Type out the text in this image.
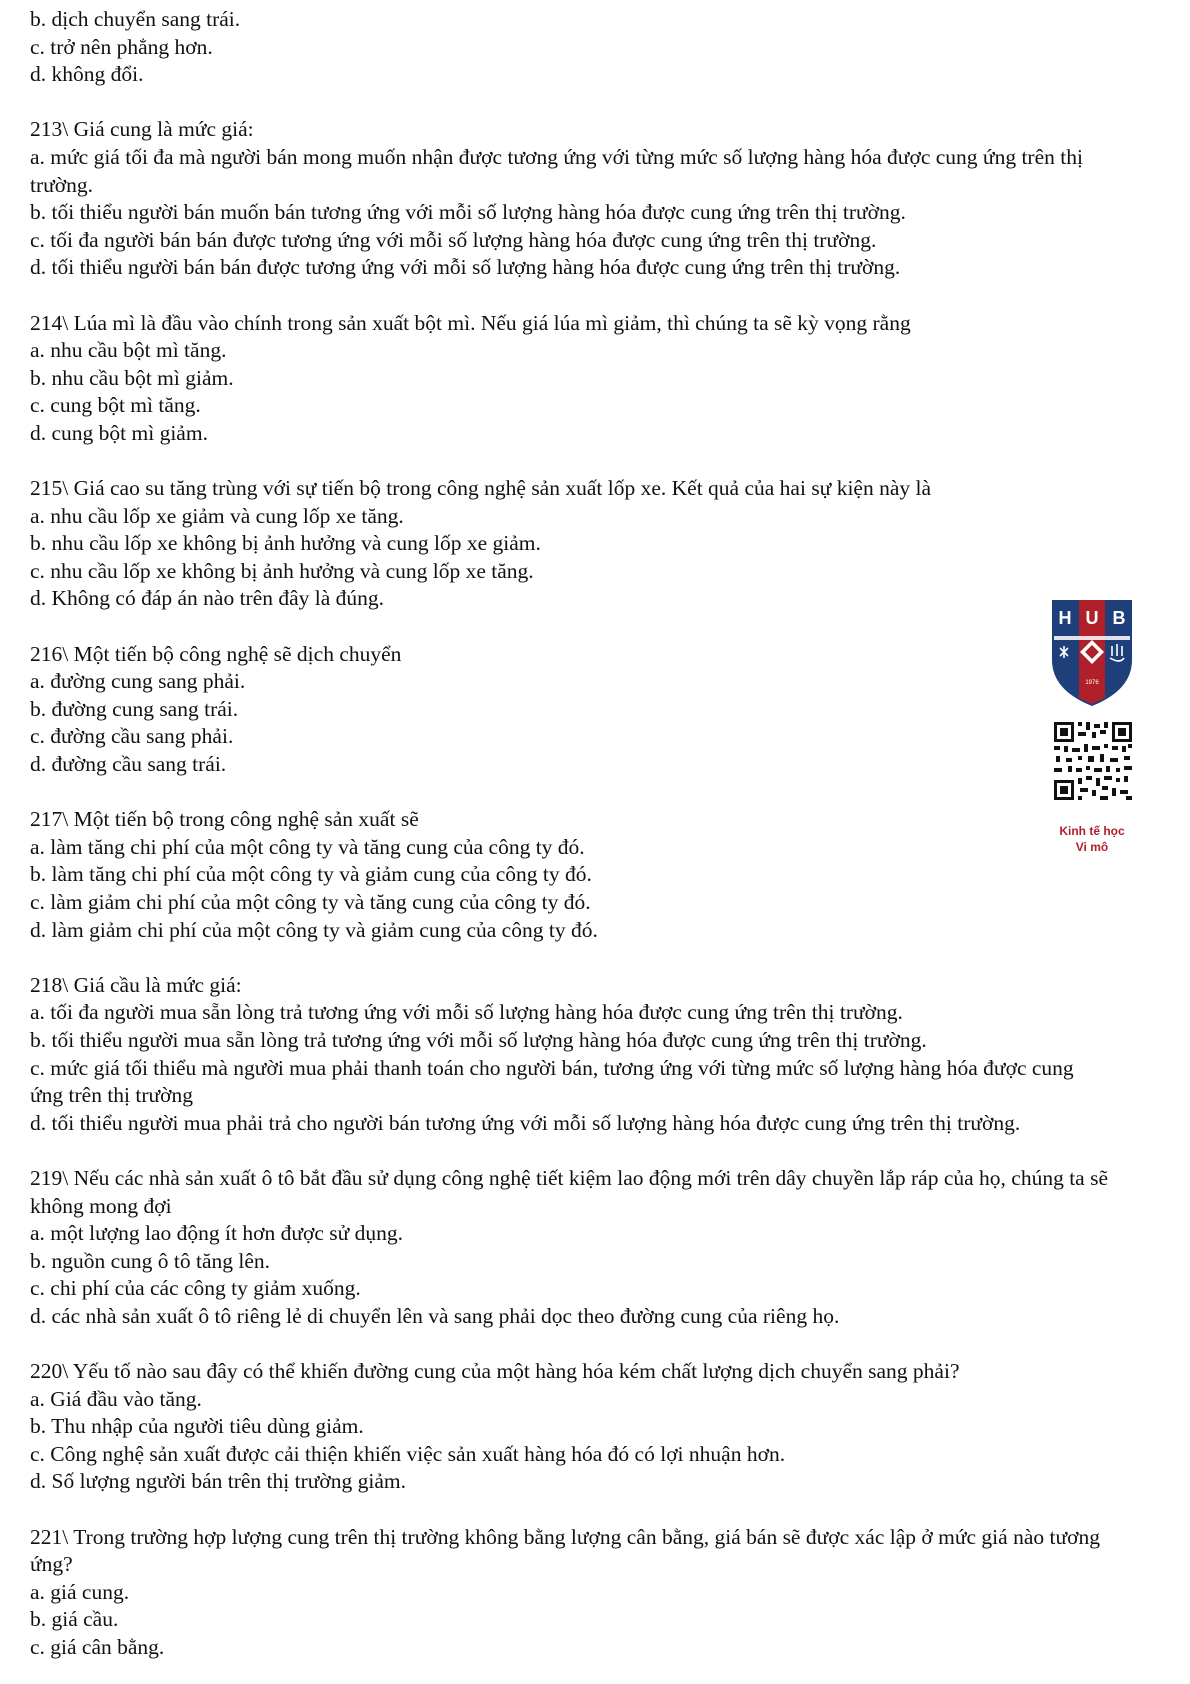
b. dịch chuyển sang trái.
c. trở nên phẳng hơn.
d. không đổi.
213\ Giá cung là mức giá:
a. mức giá tối đa mà người bán mong muốn nhận được tương ứng với từng mức số lượng hàng hóa được cung ứng trên thị trường.
b. tối thiểu người bán muốn bán tương ứng với mỗi số lượng hàng hóa được cung ứng trên thị trường.
c. tối đa người bán bán được tương ứng với mỗi số lượng hàng hóa được cung ứng trên thị trường.
d. tối thiểu người bán bán được tương ứng với mỗi số lượng hàng hóa được cung ứng trên thị trường.
214\ Lúa mì là đầu vào chính trong sản xuất bột mì. Nếu giá lúa mì giảm, thì chúng ta sẽ kỳ vọng rằng
a. nhu cầu bột mì tăng.
b. nhu cầu bột mì giảm.
c. cung bột mì tăng.
d. cung bột mì giảm.
215\ Giá cao su tăng trùng với sự tiến bộ trong công nghệ sản xuất lốp xe. Kết quả của hai sự kiện này là
a. nhu cầu lốp xe giảm và cung lốp xe tăng.
b. nhu cầu lốp xe không bị ảnh hưởng và cung lốp xe giảm.
c. nhu cầu lốp xe không bị ảnh hưởng và cung lốp xe tăng.
d. Không có đáp án nào trên đây là đúng.
216\ Một tiến bộ công nghệ sẽ dịch chuyển
a. đường cung sang phải.
b. đường cung sang trái.
c. đường cầu sang phải.
d. đường cầu sang trái.
217\ Một tiến bộ trong công nghệ sản xuất sẽ
a. làm tăng chi phí của một công ty và tăng cung của công ty đó.
b. làm tăng chi phí của một công ty và giảm cung của công ty đó.
c. làm giảm chi phí của một công ty và tăng cung của công ty đó.
d. làm giảm chi phí của một công ty và giảm cung của công ty đó.
218\ Giá cầu là mức giá:
a. tối đa người mua sẵn lòng trả tương ứng với mỗi số lượng hàng hóa được cung ứng trên thị trường.
b. tối thiểu người mua sẵn lòng trả tương ứng với mỗi số lượng hàng hóa được cung ứng trên thị trường.
c. mức giá tối thiểu mà người mua phải thanh toán cho người bán, tương ứng với từng mức số lượng hàng hóa được cung ứng trên thị trường
d. tối thiểu người mua phải trả cho người bán tương ứng với mỗi số lượng hàng hóa được cung ứng trên thị trường.
219\ Nếu các nhà sản xuất ô tô bắt đầu sử dụng công nghệ tiết kiệm lao động mới trên dây chuyền lắp ráp của họ, chúng ta sẽ không mong đợi
a. một lượng lao động ít hơn được sử dụng.
b. nguồn cung ô tô tăng lên.
c. chi phí của các công ty giảm xuống.
d. các nhà sản xuất ô tô riêng lẻ di chuyển lên và sang phải dọc theo đường cung của riêng họ.
220\ Yếu tố nào sau đây có thể khiến đường cung của một hàng hóa kém chất lượng dịch chuyển sang phải?
a. Giá đầu vào tăng.
b. Thu nhập của người tiêu dùng giảm.
c. Công nghệ sản xuất được cải thiện khiến việc sản xuất hàng hóa đó có lợi nhuận hơn.
d. Số lượng người bán trên thị trường giảm.
221\ Trong trường hợp lượng cung trên thị trường không bằng lượng cân bằng, giá bán sẽ được xác lập ở mức giá nào tương ứng?
a. giá cung.
b. giá cầu.
c. giá cân bằng.
H U B
1976
Kinh tế học
Vi mô
